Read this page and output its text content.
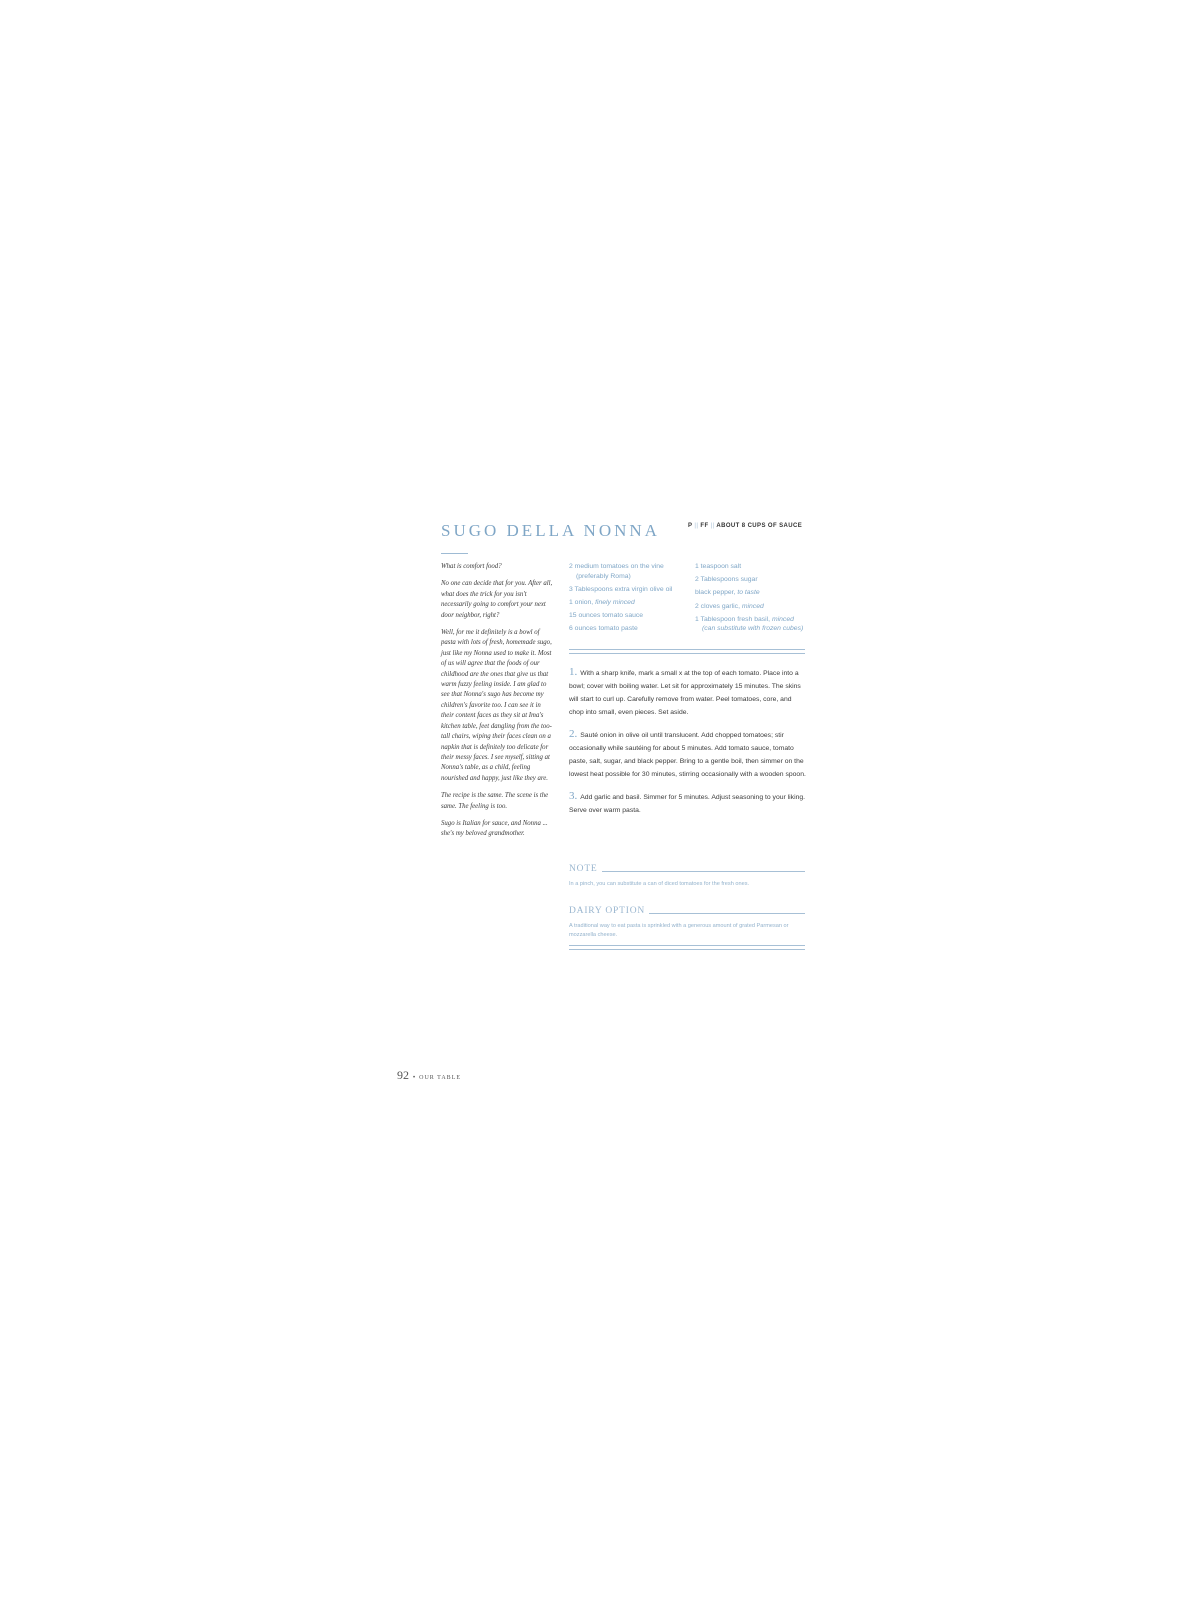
SUGO DELLA NONNA	P || FF || ABOUT 8 CUPS OF SAUCE

What is comfort food?

No one can decide that for you. After all, what does the trick for you isn't necessarily going to comfort your next door neighbor, right?

Well, for me it definitely is a bowl of pasta with lots of fresh, homemade sugo, just like my Nonna used to make it. Most of us will agree that the foods of our childhood are the ones that give us that warm fuzzy feeling inside. I am glad to see that Nonna's sugo has become my children's favorite too. I can see it in their content faces as they sit at Ima's kitchen table, feet dangling from the too-tall chairs, wiping their faces clean on a napkin that is definitely too delicate for their messy faces. I see myself, sitting at Nonna's table, as a child, feeling nourished and happy, just like they are.

The recipe is the same. The scene is the same. The feeling is too.

Sugo is Italian for sauce, and Nonna ... she's my beloved grandmother.

2 medium tomatoes on the vine (preferably Roma)
3 Tablespoons extra virgin olive oil
1 onion, finely minced
15 ounces tomato sauce
6 ounces tomato paste
1 teaspoon salt
2 Tablespoons sugar
black pepper, to taste
2 cloves garlic, minced
1 Tablespoon fresh basil, minced (can substitute with frozen cubes)
1. With a sharp knife, mark a small x at the top of each tomato. Place into a bowl; cover with boiling water. Let sit for approximately 15 minutes. The skins will start to curl up. Carefully remove from water. Peel tomatoes, core, and chop into small, even pieces. Set aside.
2. Sauté onion in olive oil until translucent. Add chopped tomatoes; stir occasionally while sautéing for about 5 minutes. Add tomato sauce, tomato paste, salt, sugar, and black pepper. Bring to a gentle boil, then simmer on the lowest heat possible for 30 minutes, stirring occasionally with a wooden spoon.
3. Add garlic and basil. Simmer for 5 minutes. Adjust seasoning to your liking. Serve over warm pasta.
NOTE
In a pinch, you can substitute a can of diced tomatoes for the fresh ones.
DAIRY OPTION
A traditional way to eat pasta is sprinkled with a generous amount of grated Parmesan or mozzarella cheese.
92 • OUR TABLE
